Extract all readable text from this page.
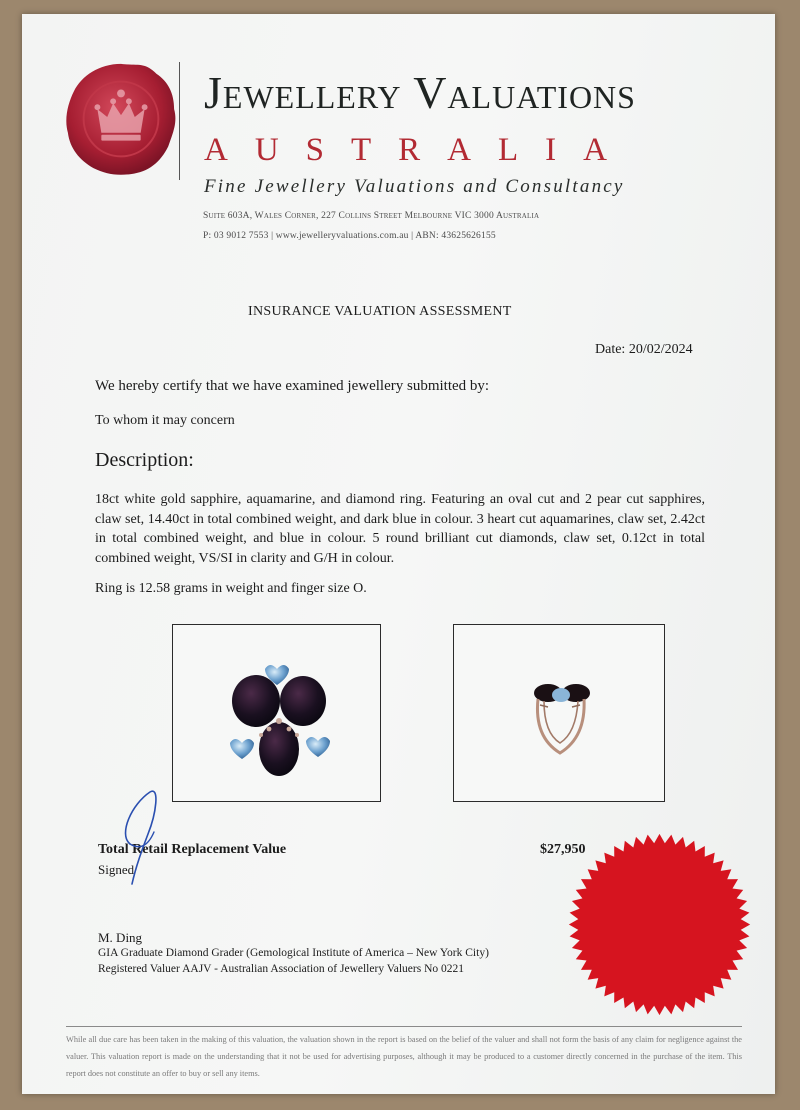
Jewellery Valuations
AUSTRALIA
Fine Jewellery Valuations and Consultancy
Suite 603A, Wales Corner, 227 Collins Street Melbourne VIC 3000 Australia
P: 03 9012 7553 | www.jewelleryvaluations.com.au | ABN: 43625626155
INSURANCE VALUATION ASSESSMENT
Date: 20/02/2024
We hereby certify that we have examined jewellery submitted by:
To whom it may concern
Description:
18ct white gold sapphire, aquamarine, and diamond ring. Featuring an oval cut and 2 pear cut sapphires, claw set, 14.40ct in total combined weight, and dark blue in colour. 3 heart cut aquamarines, claw set, 2.42ct in total combined weight, and blue in colour. 5 round brilliant cut diamonds, claw set, 0.12ct in total combined weight, VS/SI in clarity and G/H in colour.
Ring is 12.58 grams in weight and finger size O.
Total Retail Replacement Value	$27,950
Signed
M. Ding
GIA Graduate Diamond Grader (Gemological Institute of America – New York City)
Registered Valuer AAJV - Australian Association of Jewellery Valuers No 0221
While all due care has been taken in the making of this valuation, the valuation shown in the report is based on the belief of the valuer and shall not form the basis of any claim for negligence against the valuer. This valuation report is made on the understanding that it not be used for advertising purposes, although it may be produced to a customer directly concerned in the purchase of the item. This report does not constitute an offer to buy or sell any items.
